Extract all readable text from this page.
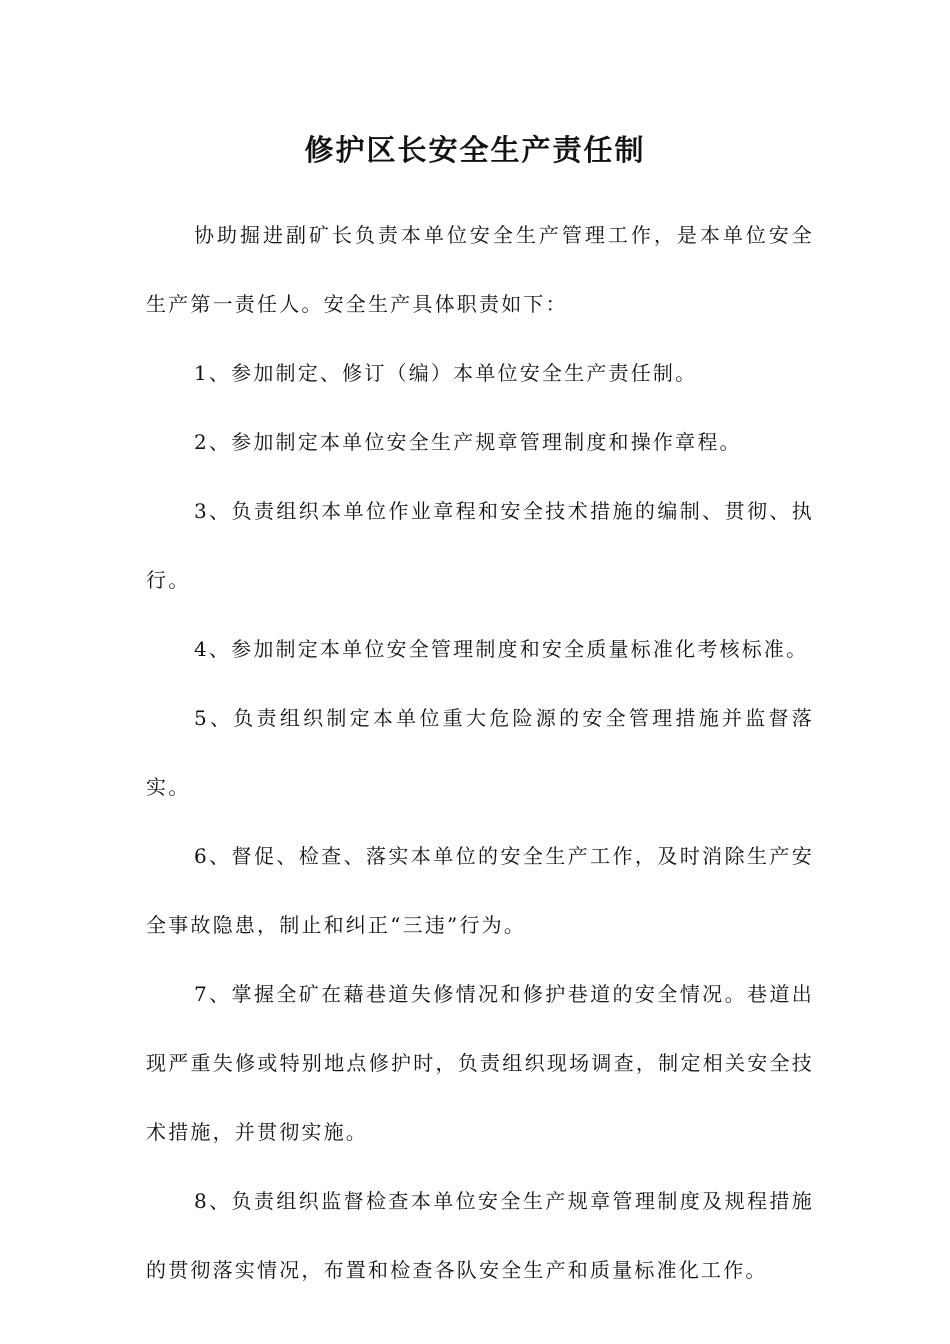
修护区长安全生产责任制

协助掘进副矿长负责本单位安全生产管理工作，是本单位安全生产第一责任人。安全生产具体职责如下：

1、参加制定、修订（编）本单位安全生产责任制。

2、参加制定本单位安全生产规章管理制度和操作章程。

3、负责组织本单位作业章程和安全技术措施的编制、贯彻、执行。

4、参加制定本单位安全管理制度和安全质量标准化考核标准。

5、负责组织制定本单位重大危险源的安全管理措施并监督落实。

6、督促、检查、落实本单位的安全生产工作，及时消除生产安全事故隐患，制止和纠正“三违”行为。

7、掌握全矿在藉巷道失修情况和修护巷道的安全情况。巷道出现严重失修或特别地点修护时，负责组织现场调查，制定相关安全技术措施，并贯彻实施。

8、负责组织监督检查本单位安全生产规章管理制度及规程措施的贯彻落实情况，布置和检查各队安全生产和质量标准化工作。
